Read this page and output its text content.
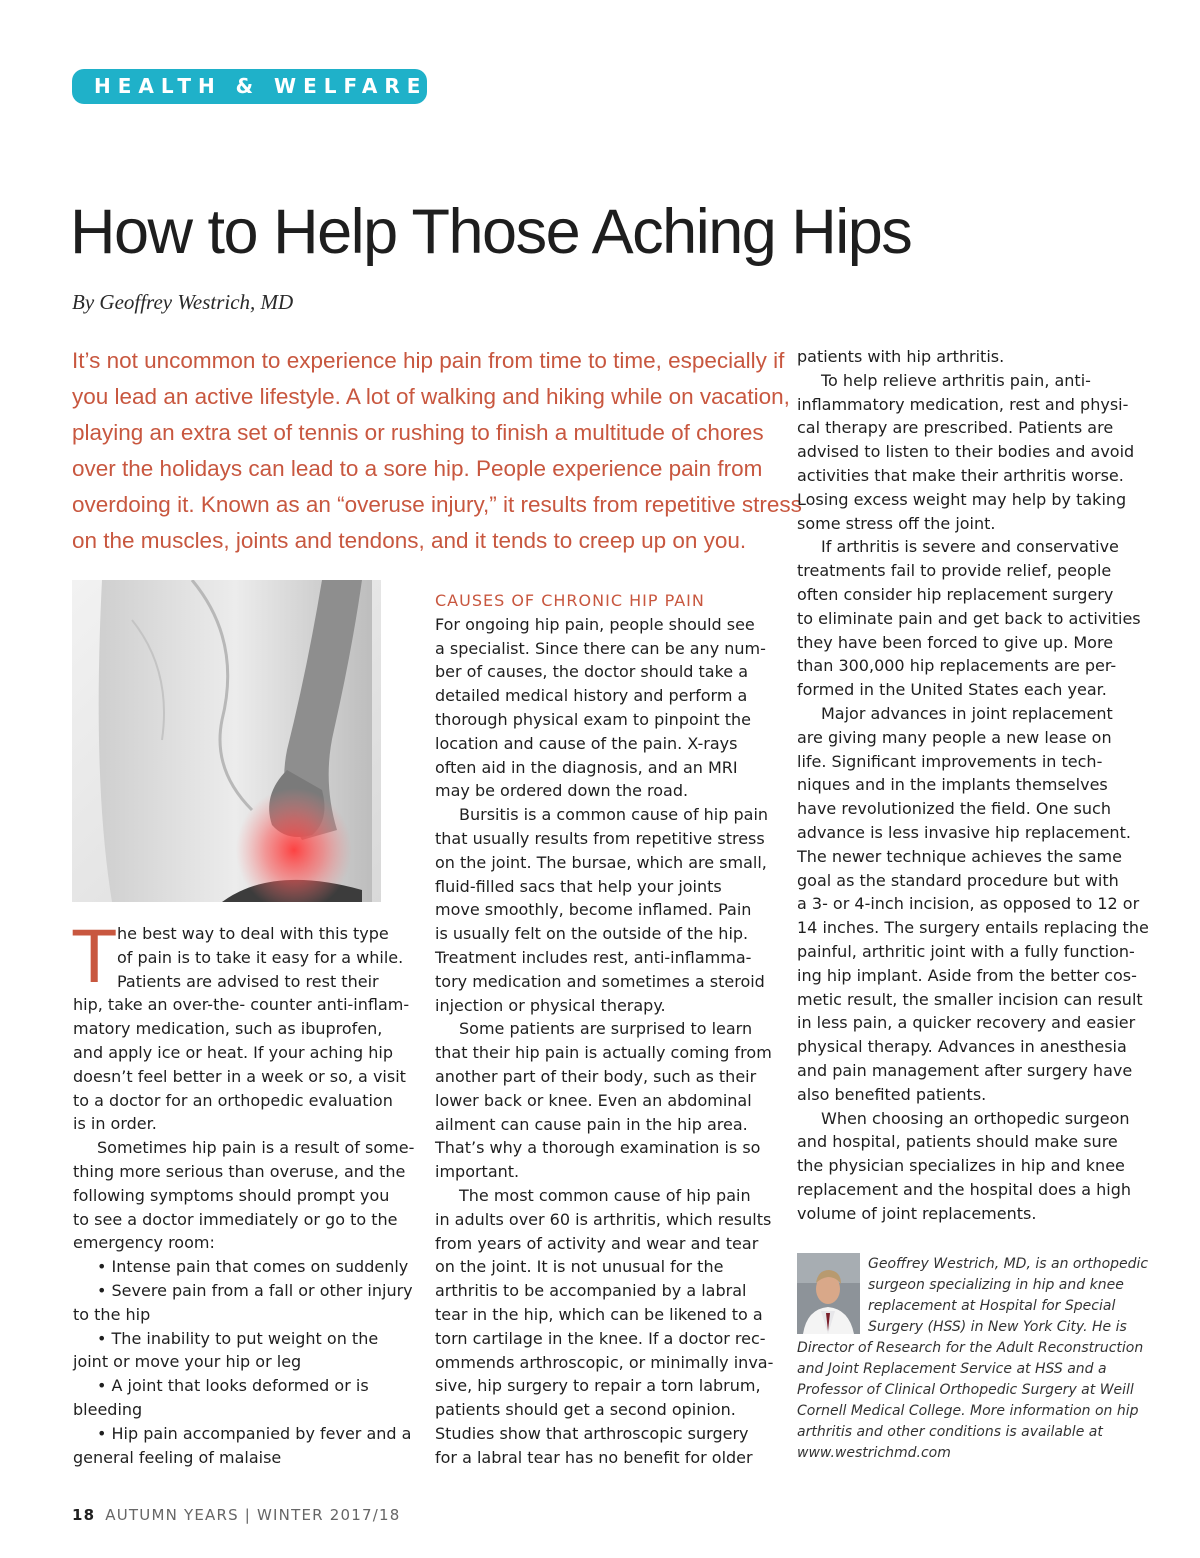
HEALTH & WELFARE
How to Help Those Aching Hips
By Geoffrey Westrich, MD
It’s not uncommon to experience hip pain from time to time, especially if
you lead an active lifestyle. A lot of walking and hiking while on vacation,
playing an extra set of tennis or rushing to finish a multitude of chores
over the holidays can lead to a sore hip. People experience pain from
overdoing it. Known as an “overuse injury,” it results from repetitive stress
on the muscles, joints and tendons, and it tends to creep up on you.
T he best way to deal with this type
of pain is to take it easy for a while.
Patients are advised to rest their
hip, take an over-the- counter anti-inflam-
matory medication, such as ibuprofen,
and apply ice or heat. If your aching hip
doesn’t feel better in a week or so, a visit
to a doctor for an orthopedic evaluation
is in order.
Sometimes hip pain is a result of some-
thing more serious than overuse, and the
following symptoms should prompt you
to see a doctor immediately or go to the
emergency room:
• Intense pain that comes on suddenly
• Severe pain from a fall or other injury
to the hip
• The inability to put weight on the
joint or move your hip or leg
• A joint that looks deformed or is
bleeding
• Hip pain accompanied by fever and a
general feeling of malaise
CAUSES OF CHRONIC HIP PAIN
For ongoing hip pain, people should see
a specialist. Since there can be any num-
ber of causes, the doctor should take a
detailed medical history and perform a
thorough physical exam to pinpoint the
location and cause of the pain. X-rays
often aid in the diagnosis, and an MRI
may be ordered down the road.
Bursitis is a common cause of hip pain
that usually results from repetitive stress
on the joint. The bursae, which are small,
fluid-filled sacs that help your joints
move smoothly, become inflamed. Pain
is usually felt on the outside of the hip.
Treatment includes rest, anti-inflamma-
tory medication and sometimes a steroid
injection or physical therapy.
Some patients are surprised to learn
that their hip pain is actually coming from
another part of their body, such as their
lower back or knee. Even an abdominal
ailment can cause pain in the hip area.
That’s why a thorough examination is so
important.
The most common cause of hip pain
in adults over 60 is arthritis, which results
from years of activity and wear and tear
on the joint. It is not unusual for the
arthritis to be accompanied by a labral
tear in the hip, which can be likened to a
torn cartilage in the knee. If a doctor rec-
ommends arthroscopic, or minimally inva-
sive, hip surgery to repair a torn labrum,
patients should get a second opinion.
Studies show that arthroscopic surgery
for a labral tear has no benefit for older
patients with hip arthritis.
To help relieve arthritis pain, anti-
inflammatory medication, rest and physi-
cal therapy are prescribed. Patients are
advised to listen to their bodies and avoid
activities that make their arthritis worse.
Losing excess weight may help by taking
some stress off the joint.
If arthritis is severe and conservative
treatments fail to provide relief, people
often consider hip replacement surgery
to eliminate pain and get back to activities
they have been forced to give up. More
than 300,000 hip replacements are per-
formed in the United States each year.
Major advances in joint replacement
are giving many people a new lease on
life. Significant improvements in tech-
niques and in the implants themselves
have revolutionized the field. One such
advance is less invasive hip replacement.
The newer technique achieves the same
goal as the standard procedure but with
a 3- or 4-inch incision, as opposed to 12 or
14 inches. The surgery entails replacing the
painful, arthritic joint with a fully function-
ing hip implant. Aside from the better cos-
metic result, the smaller incision can result
in less pain, a quicker recovery and easier
physical therapy. Advances in anesthesia
and pain management after surgery have
also benefited patients.
When choosing an orthopedic surgeon
and hospital, patients should make sure
the physician specializes in hip and knee
replacement and the hospital does a high
volume of joint replacements.
Geoffrey Westrich, MD, is an orthopedic
surgeon specializing in hip and knee
replacement at Hospital for Special
Surgery (HSS) in New York City. He is
Director of Research for the Adult Reconstruction
and Joint Replacement Service at HSS and a
Professor of Clinical Orthopedic Surgery at Weill
Cornell Medical College. More information on hip
arthritis and other conditions is available at
www.westrichmd.com
18 AUTUMN YEARS | WINTER 2017/18
